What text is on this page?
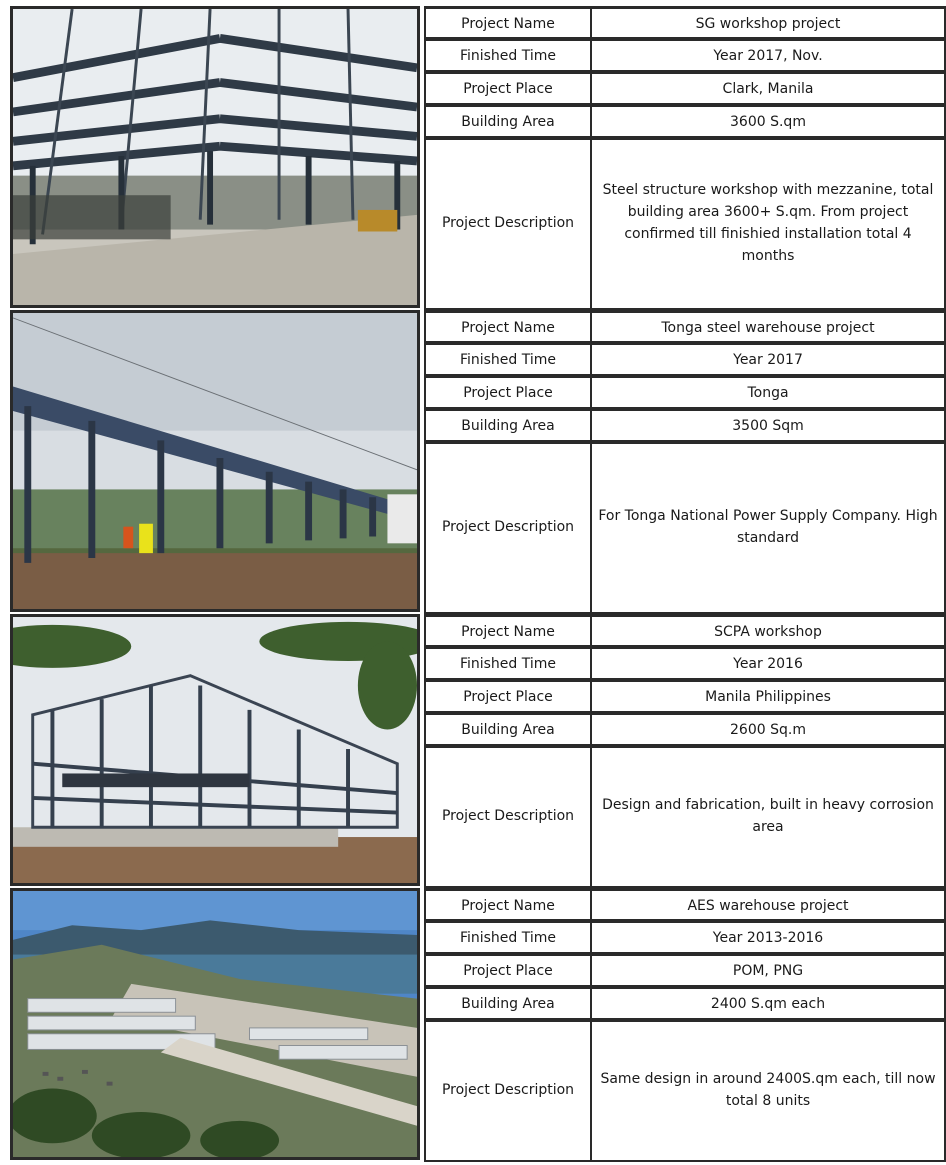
Project Name	SG workshop project
Finished Time	Year 2017, Nov.
Project Place	Clark, Manila
Building Area	3600 S.qm
Project Description
Steel structure workshop with mezzanine, total building area 3600+ S.qm. From project confirmed till finishied installation total 4 months
Project Name	Tonga steel warehouse project
Finished Time	Year 2017
Project Place	Tonga
Building Area	3500 Sqm
Project Description
For Tonga National Power Supply Company. High standard
Project Name	SCPA workshop
Finished Time	Year 2016
Project Place	Manila Philippines
Building Area	2600 Sq.m
Project Description
Design and fabrication, built in heavy corrosion area
Project Name	AES warehouse project
Finished Time	Year 2013-2016
Project Place	POM, PNG
Building Area	2400 S.qm each
Project Description
Same design in around 2400S.qm each, till now total 8 units
